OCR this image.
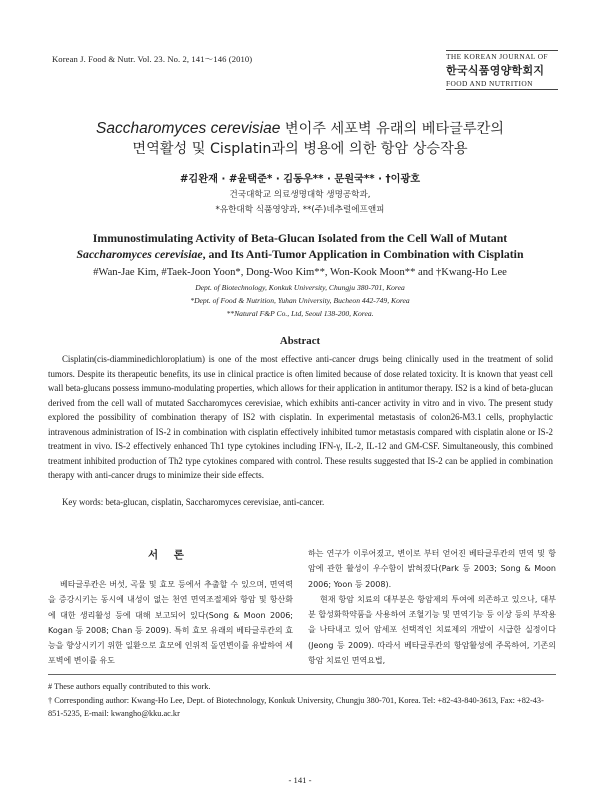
Korean J. Food & Nutr. Vol. 23. No. 2, 141～146 (2010)	THE KOREAN JOURNAL OF
한국식품영양학회지
FOOD AND NUTRITION
Saccharomyces cerevisiae 변이주 세포벽 유래의 베타글루칸의
면역활성 및 Cisplatin과의 병용에 의한 항암 상승작용
#김완재 · #윤택준* · 김동우** · 문원국** · †이광호
건국대학교 의료생명대학 생명공학과,
*유한대학 식품영양과, **(주)네추럴에프앤피
Immunostimulating Activity of Beta-Glucan Isolated from the Cell Wall of Mutant
Saccharomyces cerevisiae, and Its Anti-Tumor Application in Combination with Cisplatin
#Wan-Jae Kim, #Taek-Joon Yoon*, Dong-Woo Kim**, Won-Kook Moon** and †Kwang-Ho Lee
Dept. of Biotechnology, Konkuk University, Chungju 380-701, Korea
*Dept. of Food & Nutrition, Yuhan University, Bucheon 442-749, Korea
**Natural F&P Co., Ltd, Seoul 138-200, Korea.
Abstract
Cisplatin(cis-diamminedichloroplatium) is one of the most effective anti-cancer drugs being clinically used in the treatment of solid tumors. Despite its therapeutic benefits, its use in clinical practice is often limited because of dose related toxicity. It is known that yeast cell wall beta-glucans possess immuno-modulating properties, which allows for their application in antitumor therapy. IS2 is a kind of beta-glucan derived from the cell wall of mutated Saccharomyces cerevisiae, which exhibits anti-cancer activity in vitro and in vivo. The present study explored the possibility of combination therapy of IS2 with cisplatin. In experimental metastasis of colon26-M3.1 cells, prophylactic intravenous administration of IS-2 in combination with cisplatin effectively inhibited tumor metastasis compared with cisplatin alone or IS-2 treatment in vivo. IS-2 effectively enhanced Th1 type cytokines including IFN-γ, IL-2, IL-12 and GM-CSF. Simultaneously, this combined treatment inhibited production of Th2 type cytokines compared with control. These results suggested that IS-2 can be applied in combination therapy with anti-cancer drugs to minimize their side effects.
Key words: beta-glucan, cisplatin, Saccharomyces cerevisiae, anti-cancer.
서 론

베타글루칸은 버섯, 곡물 및 효모 등에서 추출할 수 있으며, 면역력을 증강시키는 동시에 내성이 없는 천연 면역조절제와 항암 및 항산화에 대한 생리활성 등에 대해 보고되어 있다(Song & Moon 2006; Kogan 등 2008; Chan 등 2009). 특히 효모 유래의 베타글루칸의 효능을 향상시키기 위한 일환으로 효모에 인위적 돌연변이를 유발하여 세포벽에 변이를 유도

하는 연구가 이루어졌고, 변이로 부터 얻어진 베타글루칸의 면역 및 항암에 관한 활성이 우수함이 밝혀졌다(Park 등 2003; Song & Moon 2006; Yoon 등 2008).

현재 항암 치료의 대부분은 항암제의 투여에 의존하고 있으나, 대부분 합성화학약품을 사용하여 조혈기능 및 면역기능 등 이상 등의 부작용을 나타내고 있어 암세포 선택적인 치료제의 개발이 시급한 실정이다(Jeong 등 2009). 따라서 베타글루칸의 항암활성에 주목하여, 기존의 항암 치료인 면역요법,

# These authors equally contributed to this work.
† Corresponding author: Kwang-Ho Lee, Dept. of Biotechnology, Konkuk University, Chungju 380-701, Korea. Tel: +82-43-840-3613, Fax: +82-43-851-5235, E-mail: kwangho@kku.ac.kr
- 141 -
